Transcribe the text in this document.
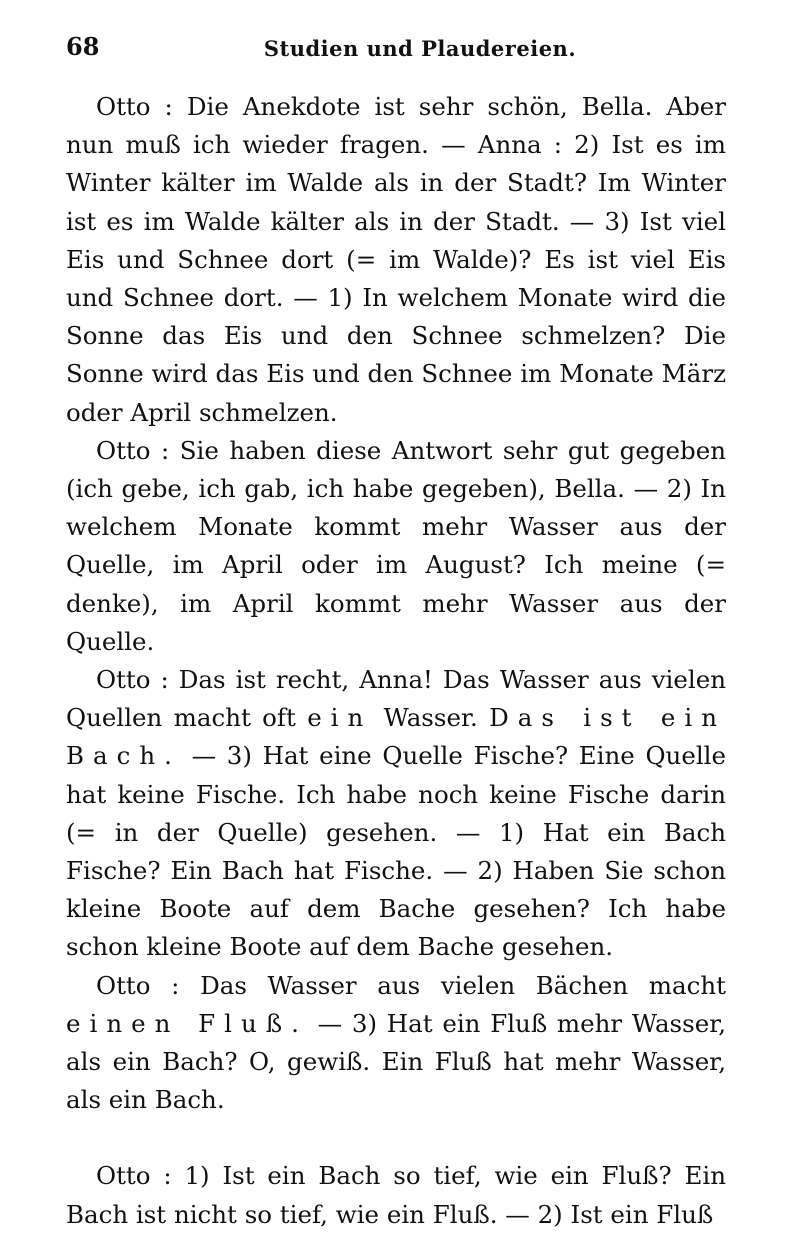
68	Studien und Plaudereien.

Otto : Die Anekdote ist sehr schön, Bella. Aber nun muß ich wieder fragen. — Anna : 2) Ist es im Winter kälter im Walde als in der Stadt? Im Winter ist es im Walde kälter als in der Stadt. — 3) Ist viel Eis und Schnee dort (= im Walde)? Es ist viel Eis und Schnee dort. — 1) In welchem Monate wird die Sonne das Eis und den Schnee schmelzen? Die Sonne wird das Eis und den Schnee im Monate März oder April schmelzen.

Otto : Sie haben diese Antwort sehr gut gegeben (ich gebe, ich gab, ich habe gegeben), Bella. — 2) In welchem Monate kommt mehr Wasser aus der Quelle, im April oder im August? Ich meine (= denke), im April kommt mehr Wasser aus der Quelle.

Otto : Das ist recht, Anna! Das Wasser aus vielen Quellen macht oft ein Wasser. Das ist ein Bach. — 3) Hat eine Quelle Fische? Eine Quelle hat keine Fische. Ich habe noch keine Fische darin (= in der Quelle) gesehen. — 1) Hat ein Bach Fische? Ein Bach hat Fische. — 2) Haben Sie schon kleine Boote auf dem Bache gesehen? Ich habe schon kleine Boote auf dem Bache gesehen.

Otto : Das Wasser aus vielen Bächen macht einen Fluß. — 3) Hat ein Fluß mehr Wasser, als ein Bach? O, gewiß. Ein Fluß hat mehr Wasser, als ein Bach.

Otto : 1) Ist ein Bach so tief, wie ein Fluß? Ein Bach ist nicht so tief, wie ein Fluß. — 2) Ist ein Fluß
